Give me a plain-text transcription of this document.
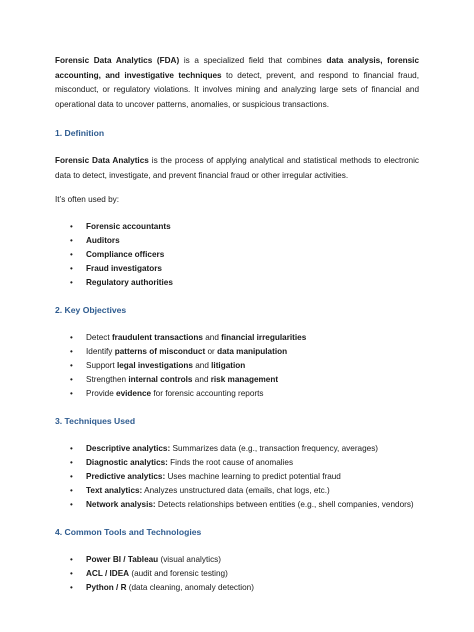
Forensic Data Analytics (FDA) is a specialized field that combines data analysis, forensic accounting, and investigative techniques to detect, prevent, and respond to financial fraud, misconduct, or regulatory violations. It involves mining and analyzing large sets of financial and operational data to uncover patterns, anomalies, or suspicious transactions.

1. Definition

Forensic Data Analytics is the process of applying analytical and statistical methods to electronic data to detect, investigate, and prevent financial fraud or other irregular activities.

It’s often used by:

• Forensic accountants
• Auditors
• Compliance officers
• Fraud investigators
• Regulatory authorities
2. Key Objectives
• Detect fraudulent transactions and financial irregularities
• Identify patterns of misconduct or data manipulation
• Support legal investigations and litigation
• Strengthen internal controls and risk management
• Provide evidence for forensic accounting reports
3. Techniques Used
• Descriptive analytics: Summarizes data (e.g., transaction frequency, averages)
• Diagnostic analytics: Finds the root cause of anomalies
• Predictive analytics: Uses machine learning to predict potential fraud
• Text analytics: Analyzes unstructured data (emails, chat logs, etc.)
• Network analysis: Detects relationships between entities (e.g., shell companies, vendors)
4. Common Tools and Technologies
• Power BI / Tableau (visual analytics)
• ACL / IDEA (audit and forensic testing)
• Python / R (data cleaning, anomaly detection)
